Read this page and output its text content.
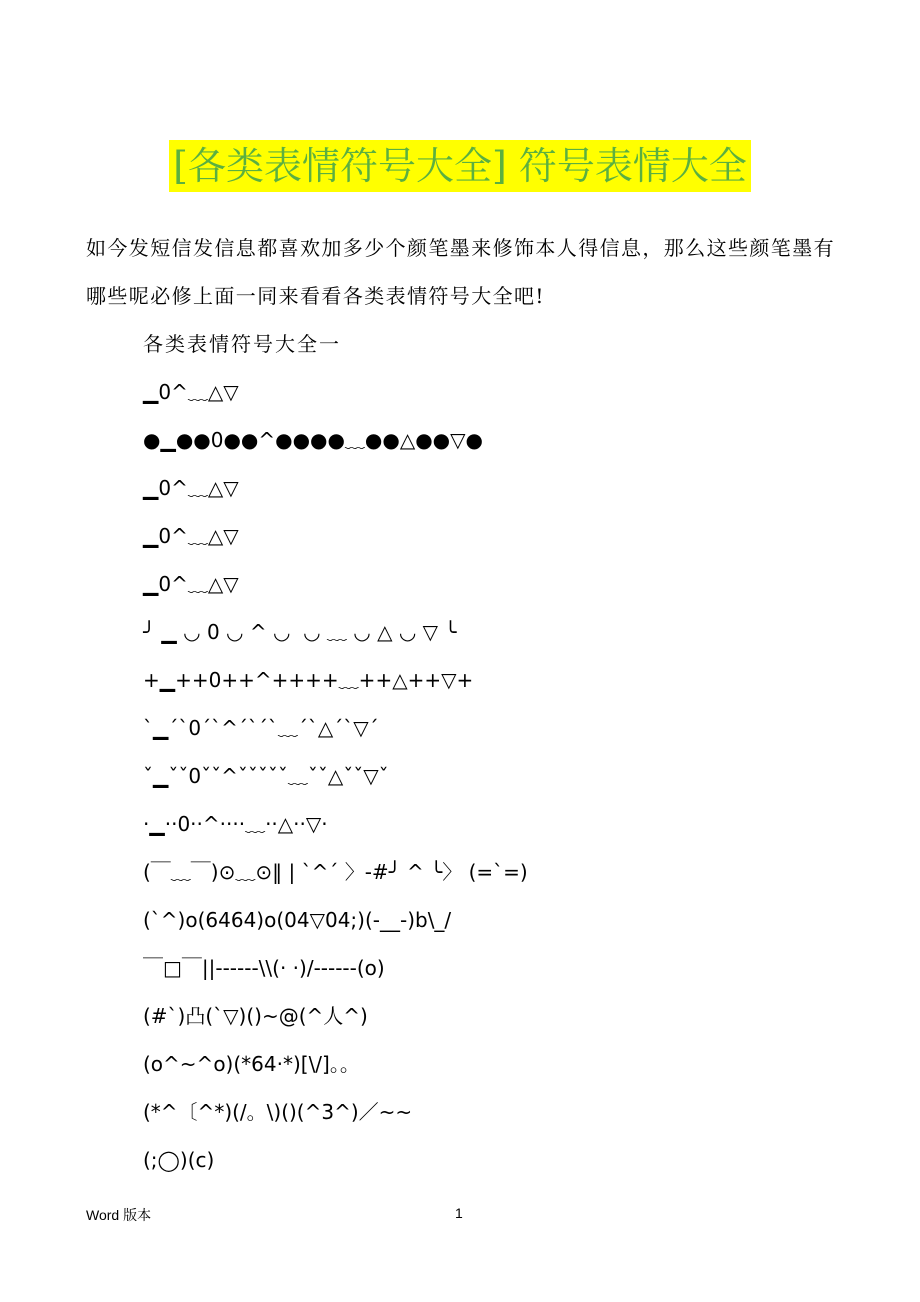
[各类表情符号大全] 符号表情大全
如今发短信发信息都喜欢加多少个颜笔墨来修饰本人得信息，那么这些颜笔墨有哪些呢必修上面一同来看看各类表情符号大全吧!
各类表情符号大全一
▁0^﹏△▽
●▁●●0●●^●●●●﹏●●△●●▽●
▁0^﹏△▽
▁0^﹏△▽
▁0^﹏△▽
╯ ▁ ◡ 0 ◡ ^ ◡  ◡ ﹏ ◡ △ ◡ ▽ ╰
+▁++0++^++++﹏++△++▽+
`▁´`0´`^´`´`﹏´`△´`▽´
ˇ▁ˇˇ0ˇˇ^ˇˇˇˇˇ﹏ˇˇ△ˇˇ▽ˇ
·▁··0··^····﹏··△··▽·
(￣﹏￣)⊙﹏⊙‖ | `^´ 〉-#╯ ^ ╰〉 (=`=)
(`^)o(6464)o(04▽04;)(-__-)b\_/
￣□￣||------\\(· ·)/------(o)
(#`)凸(`▽)()~@(^人^)
(o^~^o)(*64·*)[\/]。。
(*^〔^*)(/。\)()(^3^)／~~
(;◯)(c)
Word 版本	1
